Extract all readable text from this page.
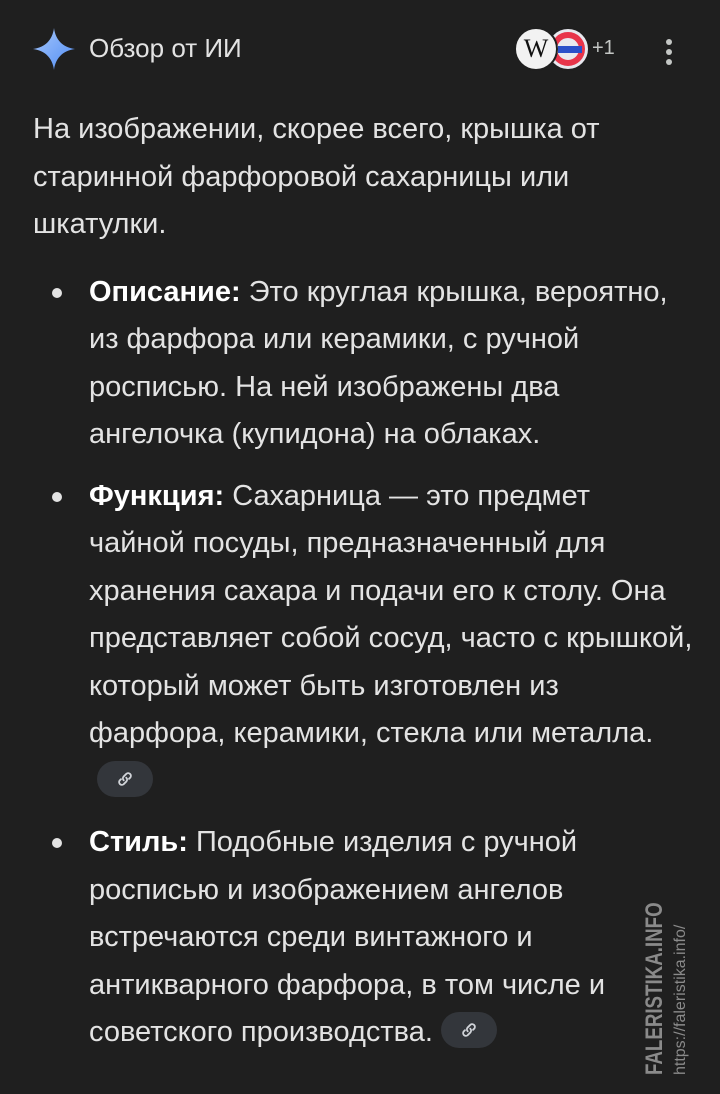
Обзор от ИИ	W	+1

На изображении, скорее всего, крышка от старинной фарфоровой сахарницы или шкатулки.

Описание: Это круглая крышка, вероятно, из фарфора или керамики, с ручной росписью. На ней изображены два ангелочка (купидона) на облаках.
Функция: Сахарница — это предмет чайной посуды, предназначенный для хранения сахара и подачи его к столу. Она представляет собой сосуд, часто с крышкой, который может быть изготовлен из фарфора, керамики, стекла или металла.
Стиль: Подобные изделия с ручной росписью и изображением ангелов встречаются среди винтажного и антикварного фарфора, в том числе и советского производства.	FALERISTIKA.INFO https://faleristika.info/
